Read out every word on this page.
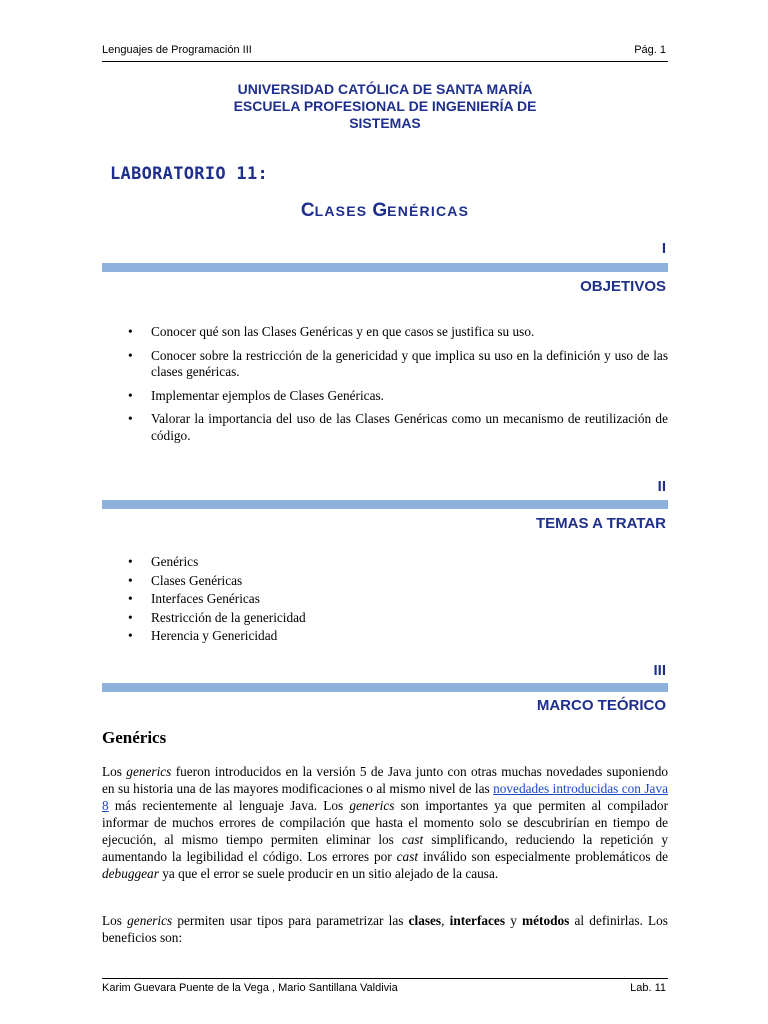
Lenguajes de Programación III	Pág. 1
UNIVERSIDAD CATÓLICA DE SANTA MARÍA
ESCUELA PROFESIONAL DE INGENIERÍA DE
SISTEMAS
LABORATORIO 11:
CLASES GENÉRICAS
I
OBJETIVOS
• Conocer qué son las Clases Genéricas y en que casos se justifica su uso.
• Conocer sobre la restricción de la genericidad y que implica su uso en la definición y uso de las clases genéricas.
• Implementar ejemplos de Clases Genéricas.
• Valorar la importancia del uso de las Clases Genéricas como un mecanismo de reutilización de código.
II
TEMAS A TRATAR
• Genérics
• Clases Genéricas
• Interfaces Genéricas
• Restricción de la genericidad
• Herencia y Genericidad
III
MARCO TEÓRICO
Genérics
Los generics fueron introducidos en la versión 5 de Java junto con otras muchas novedades suponiendo en su historia una de las mayores modificaciones o al mismo nivel de las novedades introducidas con Java 8 más recientemente al lenguaje Java. Los generics son importantes ya que permiten al compilador informar de muchos errores de compilación que hasta el momento solo se descubrirían en tiempo de ejecución, al mismo tiempo permiten eliminar los cast simplificando, reduciendo la repetición y aumentando la legibilidad el código. Los errores por cast inválido son especialmente problemáticos de debuggear ya que el error se suele producir en un sitio alejado de la causa.
Los generics permiten usar tipos para parametrizar las clases, interfaces y métodos al definirlas. Los beneficios son:
Karim Guevara Puente de la Vega , Mario Santillana Valdivia	Lab. 11
